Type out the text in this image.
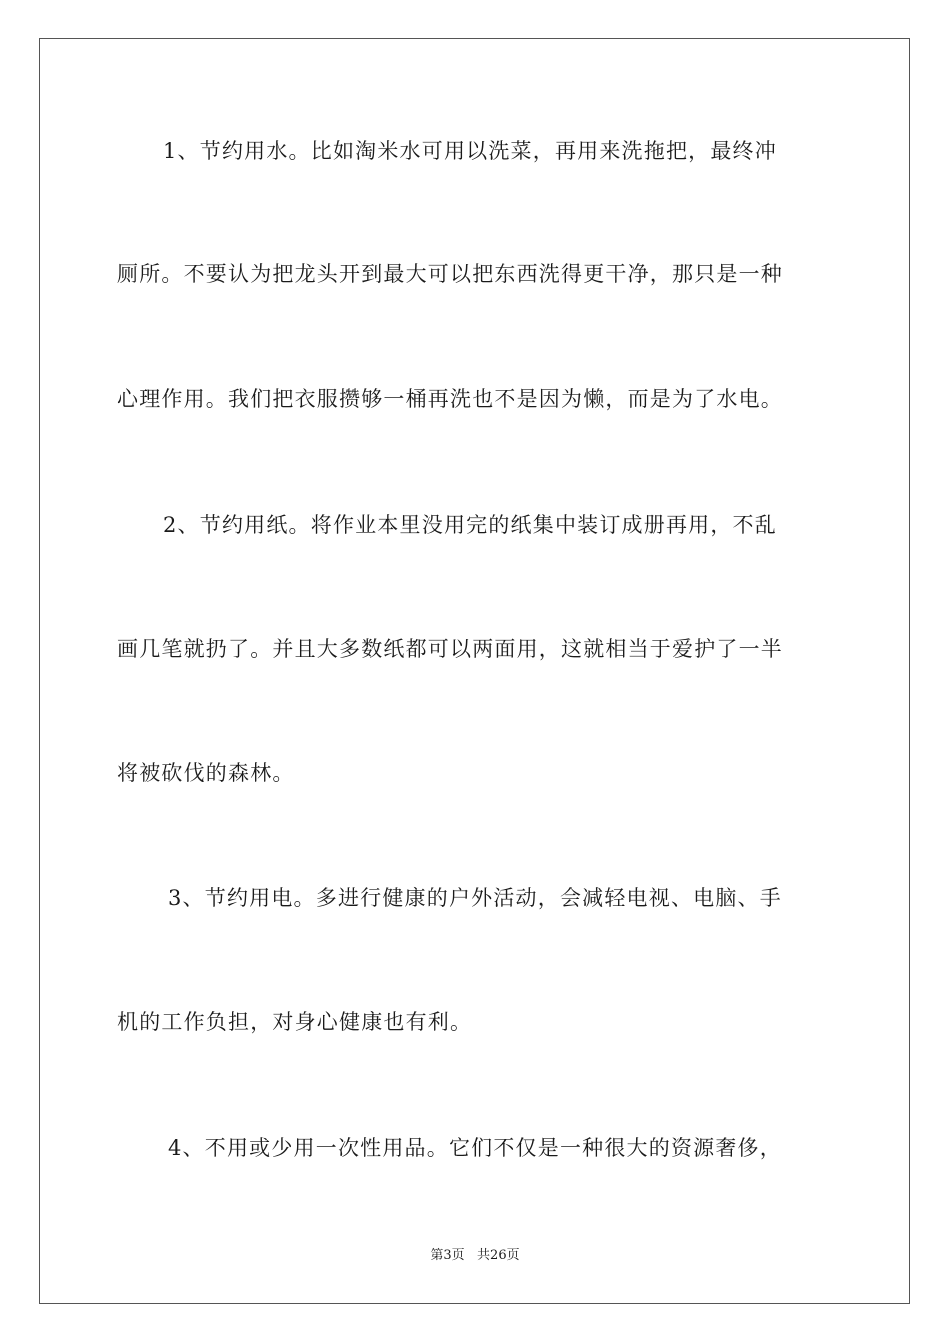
1、节约用水。比如淘米水可用以洗菜，再用来洗拖把，最终冲
厕所。不要认为把龙头开到最大可以把东西洗得更干净，那只是一种
心理作用。我们把衣服攒够一桶再洗也不是因为懒，而是为了水电。
2、节约用纸。将作业本里没用完的纸集中装订成册再用，不乱
画几笔就扔了。并且大多数纸都可以两面用，这就相当于爱护了一半
将被砍伐的森林。
3、节约用电。多进行健康的户外活动，会减轻电视、电脑、手
机的工作负担，对身心健康也有利。
4、不用或少用一次性用品。它们不仅是一种很大的资源奢侈，
第3页   共26页
